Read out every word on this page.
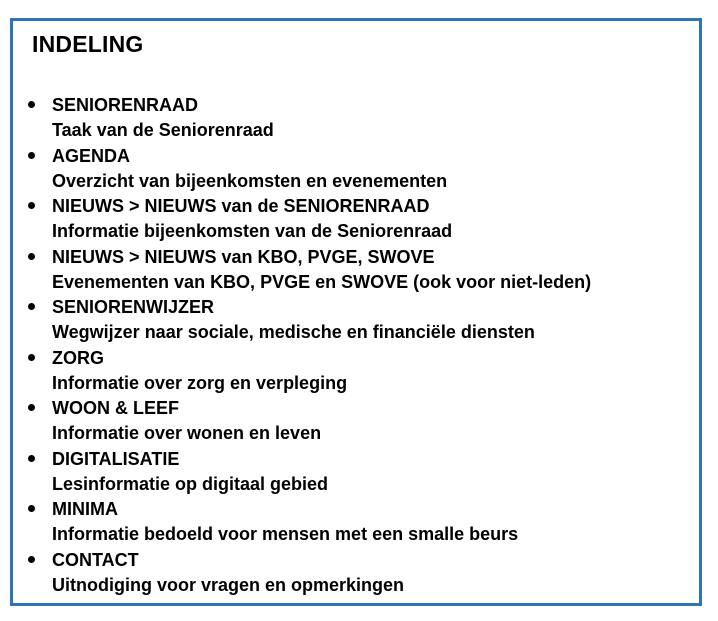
INDELING
SENIORENRAAD
Taak van de Seniorenraad
AGENDA
Overzicht van bijeenkomsten en evenementen
NIEUWS > NIEUWS van de SENIORENRAAD
Informatie bijeenkomsten van de Seniorenraad
NIEUWS > NIEUWS van KBO, PVGE, SWOVE
Evenementen van KBO, PVGE en SWOVE (ook voor niet-leden)
SENIORENWIJZER
Wegwijzer naar sociale, medische en financiële diensten
ZORG
Informatie over zorg en verpleging
WOON & LEEF
Informatie over wonen en leven
DIGITALISATIE
Lesinformatie op digitaal gebied
MINIMA
Informatie bedoeld voor mensen met een smalle beurs
CONTACT
Uitnodiging voor vragen en opmerkingen
